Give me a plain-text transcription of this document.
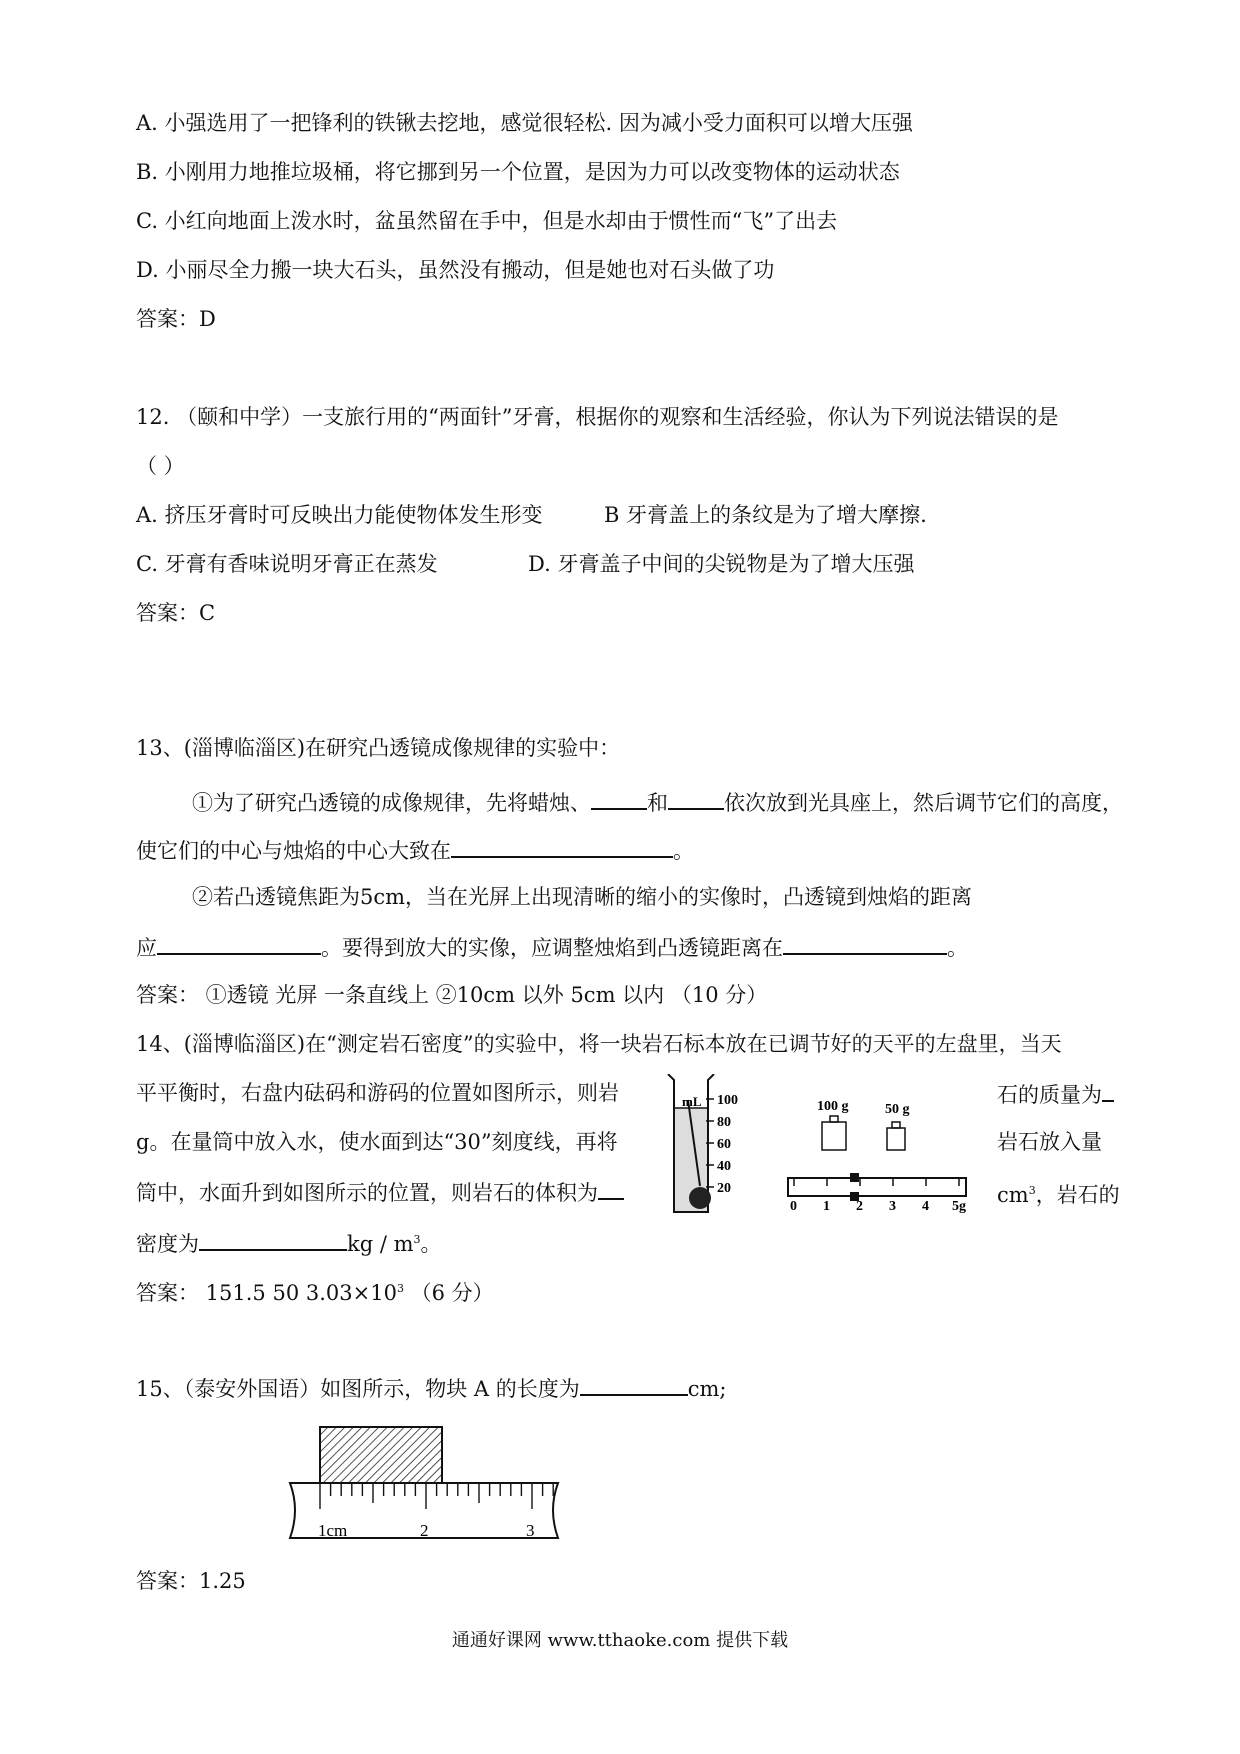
A. 小强选用了一把锋利的铁锹去挖地，感觉很轻松. 因为减小受力面积可以增大压强
B. 小刚用力地推垃圾桶，将它挪到另一个位置，是因为力可以改变物体的运动状态
C. 小红向地面上泼水时，盆虽然留在手中，但是水却由于惯性而“飞”了出去
D. 小丽尽全力搬一块大石头，虽然没有搬动，但是她也对石头做了功
答案：D
12. （颐和中学）一支旅行用的“两面针”牙膏，根据你的观察和生活经验，你认为下列说法错误的是
（ ）
A. 挤压牙膏时可反映出力能使物体发生形变	B 牙膏盖上的条纹是为了增大摩擦.
C. 牙膏有香味说明牙膏正在蒸发	D. 牙膏盖子中间的尖锐物是为了增大压强
答案：C
13、(淄博临淄区)在研究凸透镜成像规律的实验中：
①为了研究凸透镜的成像规律，先将蜡烛、	和	依次放到光具座上，然后调节它们的高度，
使它们的中心与烛焰的中心大致在	。
②若凸透镜焦距为5cm，当在光屏上出现清晰的缩小的实像时，凸透镜到烛焰的距离
应	。要得到放大的实像，应调整烛焰到凸透镜距离在	。
答案： ①透镜 光屏 一条直线上 ②10cm 以外 5cm 以内 （10 分）
14、(淄博临淄区)在“测定岩石密度”的实验中，将一块岩石标本放在已调节好的天平的左盘里，当天
平平衡时，右盘内砝码和游码的位置如图所示，则岩	石的质量为
g。在量筒中放入水，使水面到达“30”刻度线，再将	岩石放入量
筒中，水面升到如图所示的位置，则岩石的体积为	$cm^3$，岩石的
密度为	kg / $m^3$。
答案： 151.5 50 $3.03\times 10^3$ （6 分）
mL 100
80
60
40
20
100 g	50 g
0 1 2 3 4 5g
15、（泰安外国语）如图所示，物块 A 的长度为	cm;
1cm	2	3
答案：1.25
通通好课网 www.tthaoke.com 提供下载
